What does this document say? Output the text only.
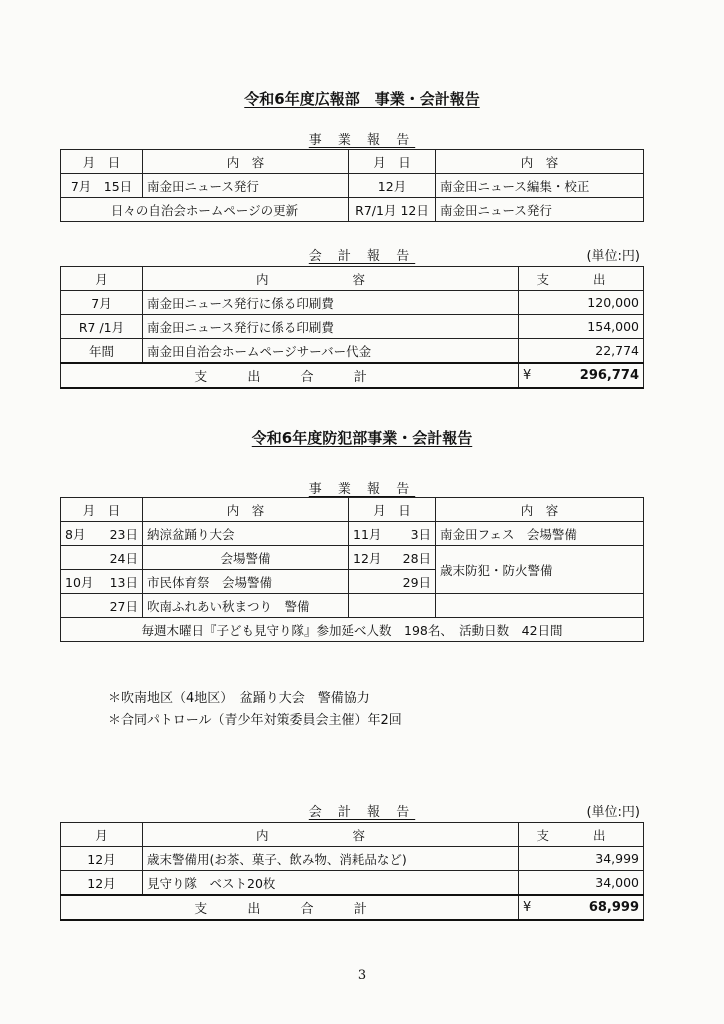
令和6年度広報部　事業・会計報告
事 業 報 告
月　日	内　容	月　日	内　容
7月　 15日	南金田ニュース発行	12月	南金田ニュース編集・校正
日々の自治会ホームページの更新		R7/1月 12日	南金田ニュース発行
会 計 報 告	(単位:円)
月	内 容	支 出
7月	南金田ニュース発行に係る印刷費	120,000
R7 /1月	南金田ニュース発行に係る印刷費	154,000
年間	南金田自治会ホームページサーバー代金	22,774
支 出 合 計		¥ 296,774
令和6年度防犯部事業・会計報告
事 業 報 告
月　日		内　容	月　日		内　容
8月	23日	納涼盆踊り大会	11月	3日	南金田フェス　会場警備
	24日	会場警備	12月	28日	歳末防犯・防火警備
10月	13日	市民体育祭　会場警備		29日	
	27日	吹南ふれあい秋まつり　警備			
毎週木曜日『子ども見守り隊』参加延べ人数　198名、　活動日数　42日間					
＊吹南地区（4地区）　盆踊り大会　警備協力
＊合同パトロール（青少年対策委員会主催）年2回
会 計 報 告	(単位:円)
月	内 容	支 出
12月	歳末警備用(お茶、菓子、飲み物、消耗品など)	34,999
12月	見守り隊　ベスト20枚	34,000
支 出 合 計		¥ 68,999
3
